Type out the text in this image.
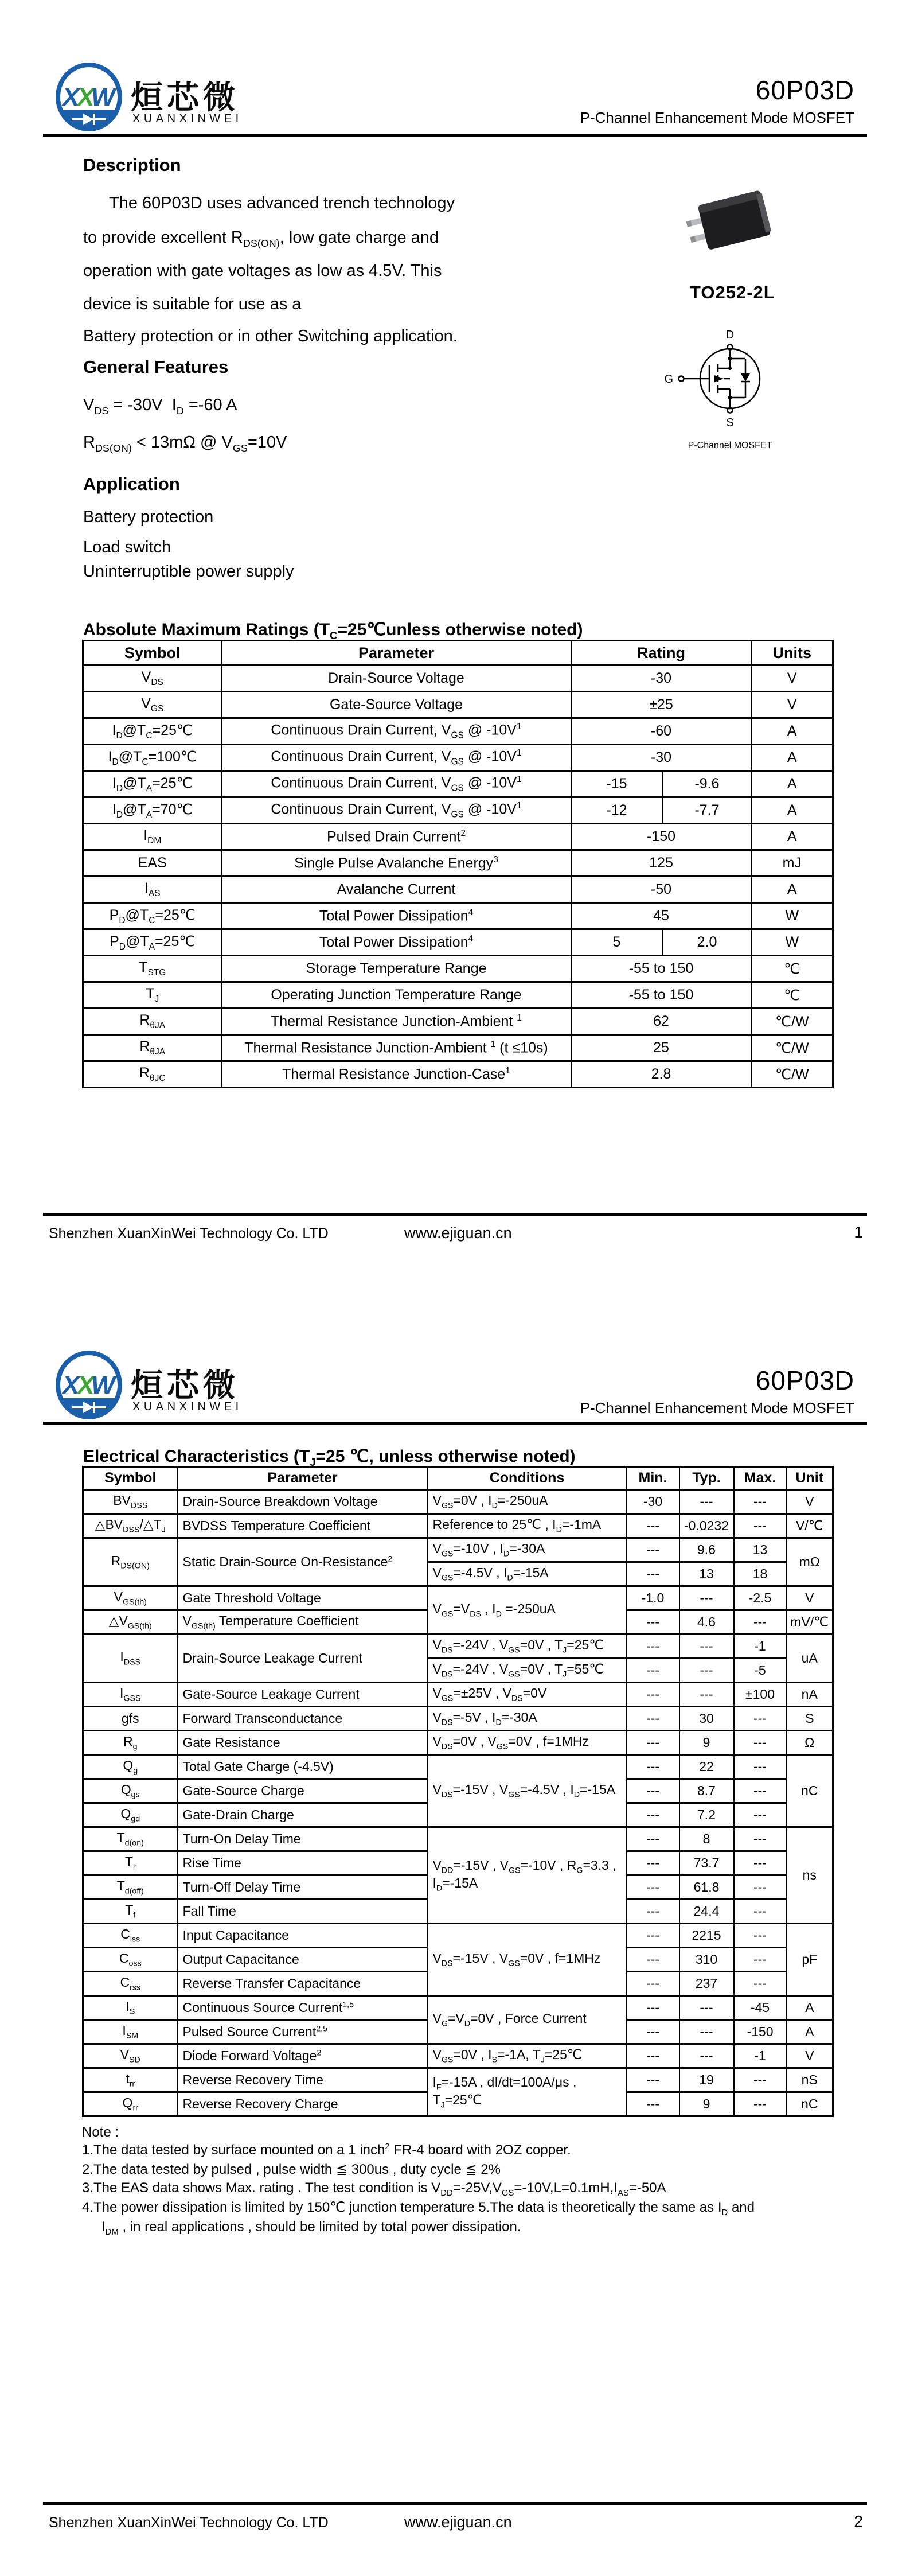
X
X
W 烜芯微
XUANXINWEI
60P03D
P-Channel Enhancement Mode MOSFET
Description
The 60P03D uses advanced trench technology
to provide excellent $R_{DS(ON)}$, low gate charge and
operation with gate voltages as low as 4.5V. This
device is suitable for use as a
Battery protection or in other Switching application.
General Features
$V_{DS} = -30V$  $I_D =-60$ A
$R_{DS(ON)} < 13m\Omega$ @ $V_{GS}=10V$
Application
Battery protection
Load switch
Uninterruptible power supply
TO252-2L
D
G
S
P-Channel MOSFET
Absolute Maximum Ratings ($T_C=25℃unless$ otherwise noted)
Symbol	Parameter	Rating		Units
$V_{DS}$	Drain-Source Voltage	-30		V
$V_{GS}$	Gate-Source Voltage	±25		V
$I_D@T_C=25℃$	Continuous Drain Current, $V_{GS}$ @ $-10V^1$	-60		A
$I_D@T_C=100℃$	Continuous Drain Current, $V_{GS}$ @ $-10V^1$	-30		A
$I_D@T_A=25℃$	Continuous Drain Current, $V_{GS}$ @ $-10V^1$	-15	-9.6	A
$I_D@T_A=70℃$	Continuous Drain Current, $V_{GS}$ @ $-10V^1$	-12	-7.7	A
$I_{DM}$	Pulsed Drain Current$^2$	-150		A
EAS	Single Pulse Avalanche Energy$^3$	125		mJ
$I_{AS}$	Avalanche Current	-50		A
$P_D@T_C=25℃$	Total Power Dissipation$^4$	45		W
$P_D@T_A=25℃$	Total Power Dissipation$^4$	5	2.0	W
$T_{STG}$	Storage Temperature Range	-55 to 150		℃
$T_J$	Operating Junction Temperature Range	-55 to 150		℃
$R_{\theta JA}$	Thermal Resistance Junction-Ambient $^1$	62		℃/W
$R_{\theta JA}$	Thermal Resistance Junction-Ambient $^1$ (t ≤10s)	25		℃/W
$R_{\theta JC}$	Thermal Resistance Junction-Case$^1$	2.8		℃/W
Shenzhen XuanXinWei Technology Co. LTD	www.ejiguan.cn	1
X
X
W 烜芯微
XUANXINWEI
60P03D
P-Channel Enhancement Mode MOSFET
Electrical Characteristics ($T_J=25$ ℃, unless otherwise noted)
Symbol	Parameter	Conditions	Min.	Typ.	Max.	Unit
$BV_{DSS}$	Drain-Source Breakdown Voltage	$V_{GS}=0V$ , $I_D=-250uA$	-30	---	---	V
$\triangle BV_{DSS}/\triangle T_J$	BVDSS Temperature Coefficient	Reference to 25℃ , $I_D=-1mA$	---	-0.0232	---	V/℃
$R_{DS(ON)}$	Static Drain-Source On-Resistance$^2$	$V_{GS}=-10V$ , $I_D=-30A$	---	9.6	13	mΩ
		$V_{GS}=-4.5V$ , $I_D=-15A$	---	13	18	
$V_{GS(th)}$	Gate Threshold Voltage	$V_{GS}=V_{DS}$ , $I_D =-250uA$	-1.0	---	-2.5	V
$\triangle V_{GS(th)}$	$V_{GS(th)}$ Temperature Coefficient		---	4.6	---	mV/℃
$I_{DSS}$	Drain-Source Leakage Current	$V_{DS}=-24V$ , $V_{GS}=0V$ , $T_J=25℃$	---	---	-1	uA
		$V_{DS}=-24V$ , $V_{GS}=0V$ , $T_J=55℃$	---	---	-5	
$I_{GSS}$	Gate-Source Leakage Current	$V_{GS}=\pm 25V$ , $V_{DS}=0V$	---	---	±100	nA
gfs	Forward Transconductance	$V_{DS}=-5V$ , $I_D=-30A$	---	30	---	S
$R_g$	Gate Resistance	$V_{DS}=0V$ , $V_{GS}=0V$ , f=1MHz	---	9	---	Ω
$Q_g$	Total Gate Charge (-4.5V)	$V_{DS}=-15V$ , $V_{GS}=-4.5V$ , $I_D=-15A$	---	22	---	nC
$Q_{gs}$	Gate-Source Charge		---	8.7	---	
$Q_{gd}$	Gate-Drain Charge		---	7.2	---	
$T_{d(on)}$	Turn-On Delay Time	$V_{DD}=-15V$ , $V_{GS}=-10V$ , $R_G=3.3$ , $I_D=-15A$	---	8	---	ns
$T_r$	Rise Time		---	73.7	---	
$T_{d(off)}$	Turn-Off Delay Time		---	61.8	---	
$T_f$	Fall Time		---	24.4	---	
$C_{iss}$	Input Capacitance	$V_{DS}=-15V$ , $V_{GS}=0V$ , f=1MHz	---	2215	---	pF
$C_{oss}$	Output Capacitance		---	310	---	
$C_{rss}$	Reverse Transfer Capacitance		---	237	---	
$I_S$	Continuous Source Current$^{1,5}$	$V_G=V_D=0V$ , Force Current	---	---	-45	A
$I_{SM}$	Pulsed Source Current$^{2,5}$		---	---	-150	A
$V_{SD}$	Diode Forward Voltage$^2$	$V_{GS}=0V$ , $I_S=-1A$, $T_J=25℃$	---	---	-1	V
$t_{rr}$	Reverse Recovery Time	$I_F=-15A$ , dI/dt=100A/μs , $T_J=25℃$	---	19	---	nS
$Q_{rr}$	Reverse Recovery Charge		---	9	---	nC
Note :
1.The data tested by surface mounted on a 1 inch$^2$ FR-4 board with 2OZ copper.
2.The data tested by pulsed , pulse width ≦ 300us , duty cycle ≦ 2%
3.The EAS data shows Max. rating . The test condition is $V_{DD}=-25V,V_{GS}=-10V,L=0.1mH,I_{AS}=-50A$
4.The power dissipation is limited by 150℃ junction temperature 5.The data is theoretically the same as $I_D$ and
$I_{DM}$ , in real applications , should be limited by total power dissipation.
Shenzhen XuanXinWei Technology Co. LTD	www.ejiguan.cn	2
